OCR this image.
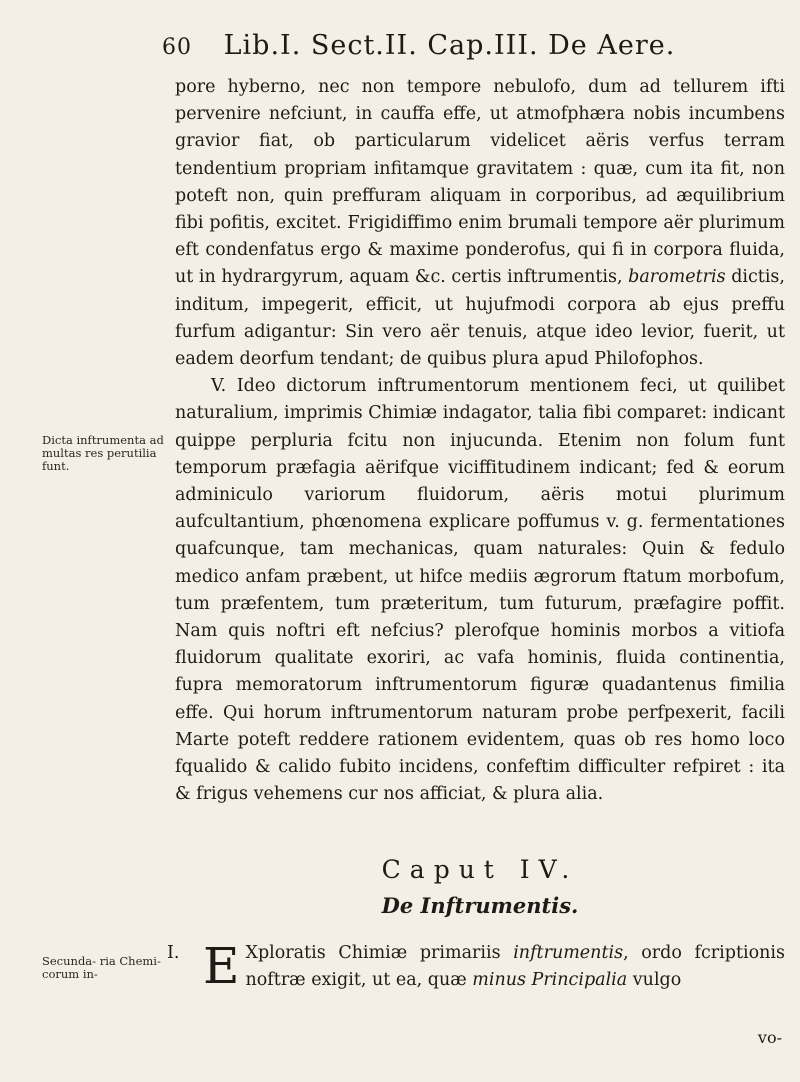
60 Lib.I. Sect.II. Cap.III. De Aere.

pore hyberno, nec non tempore nebulofo, dum ad tellurem ifti pervenire nefciunt, in cauffa effe, ut atmofphæra nobis incumbens gravior fiat, ob particularum videlicet aëris verfus terram tendentium propriam infitamque gravitatem : quæ, cum ita fit, non poteft non, quin preffuram aliquam in corporibus, ad æquilibrium fibi pofitis, excitet. Frigidiffimo enim brumali tempore aër plurimum eft condenfatus ergo & maxime ponderofus, qui fi in corpora fluida, ut in hydrargyrum, aquam &c. certis inftrumentis, barometris dictis, inditum, impegerit, efficit, ut hujufmodi corpora ab ejus preffu furfum adigantur: Sin vero aër tenuis, atque ideo levior, fuerit, ut eadem deorfum tendant; de quibus plura apud Philofophos.

V. Ideo dictorum inftrumentorum mentionem feci, ut quilibet naturalium, imprimis Chimiæ indagator, talia fibi comparet: indicant quippe perpluria fcitu non injucunda. Etenim non folum funt temporum præfagia aërifque viciffitudinem indicant; fed & eorum adminiculo variorum fluidorum, aëris motui plurimum aufcultantium, phœnomena explicare poffumus v. g. fermentationes quafcunque, tam mechanicas, quam naturales: Quin & fedulo medico anfam præbent, ut hifce mediis ægrorum ftatum morbofum, tum præfentem, tum præteritum, tum futurum, præfagire poffit. Nam quis noftri eft nefcius? plerofque hominis morbos a vitiofa fluidorum qualitate exoriri, ac vafa hominis, fluida continentia, fupra memoratorum inftrumentorum figuræ quadantenus fimilia effe. Qui horum inftrumentorum naturam probe perfpexerit, facili Marte poteft reddere rationem evidentem, quas ob res homo loco fqualido & calido fubito incidens, confeftim difficulter refpiret : ita & frigus vehemens cur nos afficiat, & plura alia.

Dicta inftrumenta ad multas res perutilia funt.
Secunda- ria Chemi- corum in-
Caput IV.
De Inftrumentis.
I. E Xploratis Chimiæ primariis inftrumentis, ordo fcriptionis noftræ exigit, ut ea, quæ minus Principalia vulgo
vo-
